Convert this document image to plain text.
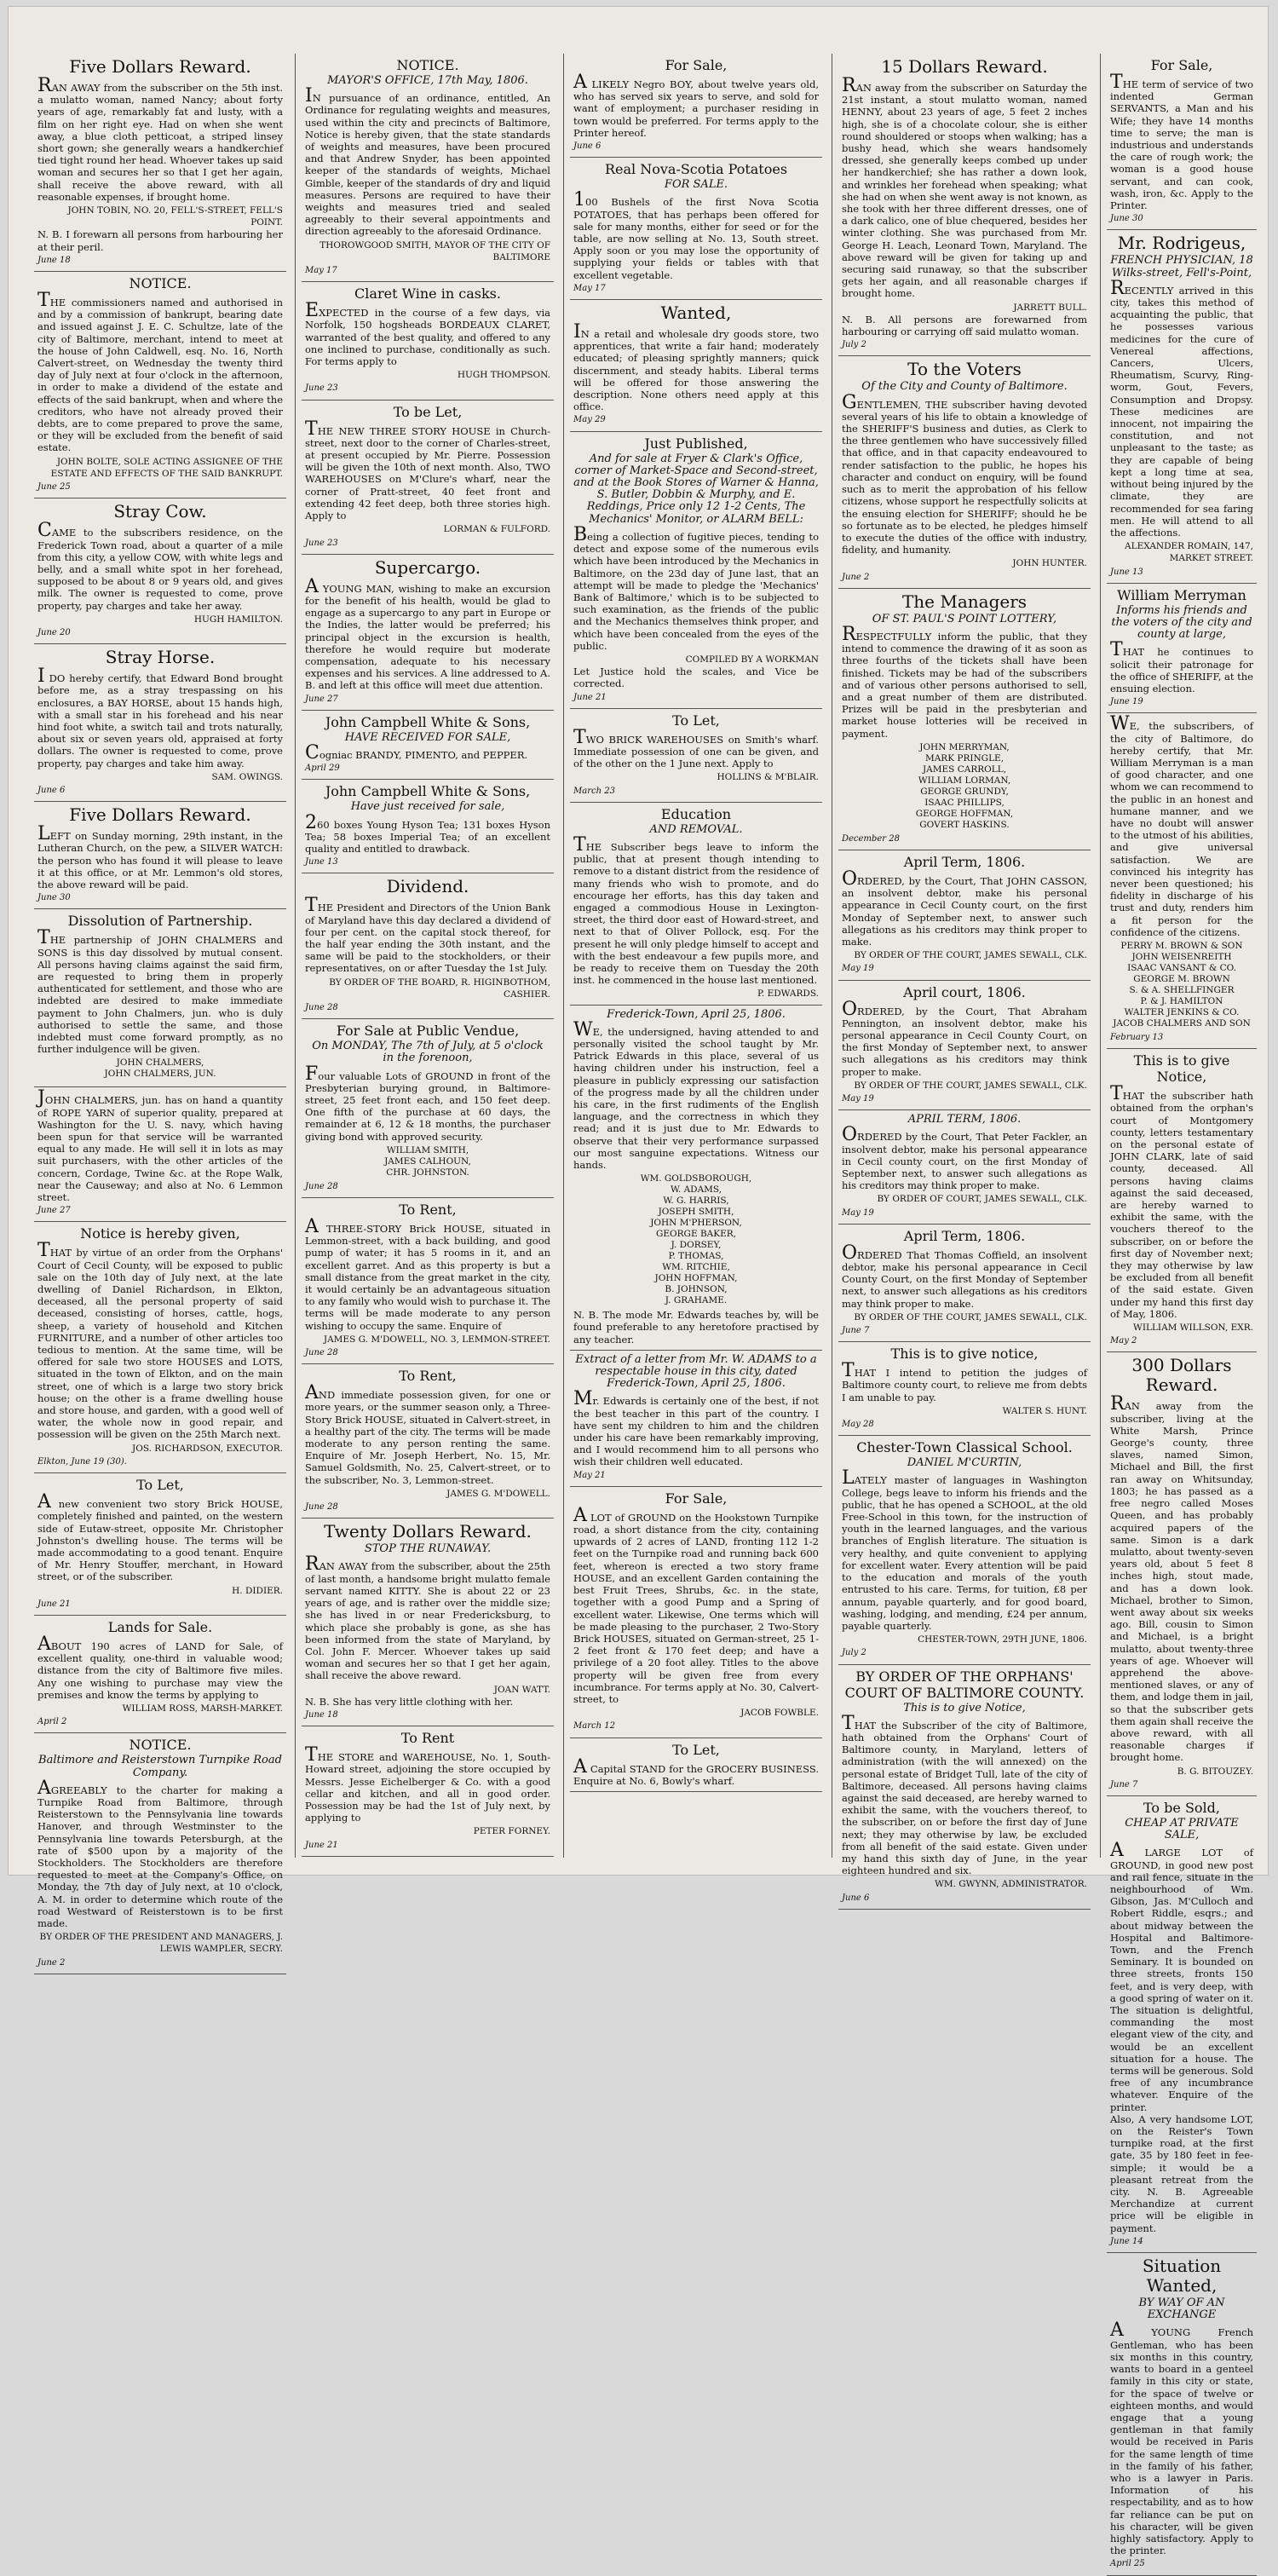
Five Dollars Reward.

RAN AWAY from the subscriber on the 5th inst. a mulatto woman, named Nancy; about forty years of age, remarkably fat and lusty, with a film on her right eye. Had on when she went away, a blue cloth petticoat, a striped linsey short gown; she generally wears a handkerchief tied tight round her head. Whoever takes up said woman and secures her so that I get her again, shall receive the above reward, with all reasonable expenses, if brought home.

JOHN TOBIN, NO. 20, FELL'S-STREET, FELL'S POINT.

N. B. I forewarn all persons from harbouring her at their peril.

June 18
NOTICE.

THE commissioners named and authorised in and by a commission of bankrupt, bearing date and issued against J. E. C. Schultze, late of the city of Baltimore, merchant, intend to meet at the house of John Caldwell, esq. No. 16, North Calvert-street, on Wednesday the twenty third day of July next at four o'clock in the afternoon, in order to make a dividend of the estate and effects of the said bankrupt, when and where the creditors, who have not already proved their debts, are to come prepared to prove the same, or they will be excluded from the benefit of said estate.

JOHN BOLTE, SOLE ACTING ASSIGNEE OF THE ESTATE AND EFFECTS OF THE SAID BANKRUPT.
June 25
Stray Cow.

CAME to the subscribers residence, on the Frederick Town road, about a quarter of a mile from this city, a yellow COW, with white legs and belly, and a small white spot in her forehead, supposed to be about 8 or 9 years old, and gives milk. The owner is requested to come, prove property, pay charges and take her away.

HUGH HAMILTON.
June 20
Stray Horse.

I DO hereby certify, that Edward Bond brought before me, as a stray trespassing on his enclosures, a BAY HORSE, about 15 hands high, with a small star in his forehead and his near hind foot white, a switch tail and trots naturally, about six or seven years old, appraised at forty dollars. The owner is requested to come, prove property, pay charges and take him away.

SAM. OWINGS.
June 6
Five Dollars Reward.

LEFT on Sunday morning, 29th instant, in the Lutheran Church, on the pew, a SILVER WATCH: the person who has found it will please to leave it at this office, or at Mr. Lemmon's old stores, the above reward will be paid.

June 30
Dissolution of Partnership.

THE partnership of JOHN CHALMERS and SONS is this day dissolved by mutual consent. All persons having claims against the said firm, are requested to bring them in properly authenticated for settlement, and those who are indebted are desired to make immediate payment to John Chalmers, jun. who is duly authorised to settle the same, and those indebted must come forward promptly, as no further indulgence will be given.

JOHN CHALMERS,
JOHN CHALMERS, JUN.

JOHN CHALMERS, jun. has on hand a quantity of ROPE YARN of superior quality, prepared at Washington for the U. S. navy, which having been spun for that service will be warranted equal to any made. He will sell it in lots as may suit purchasers, with the other articles of the concern, Cordage, Twine &c. at the Rope Walk, near the Causeway; and also at No. 6 Lemmon street.

June 27
Notice is hereby given,

THAT by virtue of an order from the Orphans' Court of Cecil County, will be exposed to public sale on the 10th day of July next, at the late dwelling of Daniel Richardson, in Elkton, deceased, all the personal property of said deceased, consisting of horses, cattle, hogs, sheep, a variety of household and Kitchen FURNITURE, and a number of other articles too tedious to mention. At the same time, will be offered for sale two store HOUSES and LOTS, situated in the town of Elkton, and on the main street, one of which is a large two story brick house; on the other is a frame dwelling house and store house, and garden, with a good well of water, the whole now in good repair, and possession will be given on the 25th March next.

JOS. RICHARDSON, EXECUTOR.
Elkton, June 19 (30).
To Let,

A new convenient two story Brick HOUSE, completely finished and painted, on the western side of Eutaw-street, opposite Mr. Christopher Johnston's dwelling house. The terms will be made accommodating to a good tenant. Enquire of Mr. Henry Stouffer, merchant, in Howard street, or of the subscriber.

H. DIDIER.
June 21
Lands for Sale.

ABOUT 190 acres of LAND for Sale, of excellent quality, one-third in valuable wood; distance from the city of Baltimore five miles. Any one wishing to purchase may view the premises and know the terms by applying to

WILLIAM ROSS, MARSH-MARKET.
April 2
NOTICE.
Baltimore and Reisterstown Turnpike Road Company.

AGREEABLY to the charter for making a Turnpike Road from Baltimore, through Reisterstown to the Pennsylvania line towards Hanover, and through Westminster to the Pennsylvania line towards Petersburgh, at the rate of $500 upon by a majority of the Stockholders. The Stockholders are therefore requested to meet at the Company's Office, on Monday, the 7th day of July next, at 10 o'clock, A. M. in order to determine which route of the road Westward of Reisterstown is to be first made.

BY ORDER OF THE PRESIDENT AND MANAGERS, J. LEWIS WAMPLER, SECRY.
June 2
NOTICE.
MAYOR'S OFFICE, 17th May, 1806.

IN pursuance of an ordinance, entitled, An Ordinance for regulating weights and measures, used within the city and precincts of Baltimore, Notice is hereby given, that the state standards of weights and measures, have been procured and that Andrew Snyder, has been appointed keeper of the standards of weights, Michael Gimble, keeper of the standards of dry and liquid measures. Persons are required to have their weights and measures tried and sealed agreeably to their several appointments and direction agreeably to the aforesaid Ordinance.

THOROWGOOD SMITH, MAYOR OF THE CITY OF BALTIMORE
May 17
Claret Wine in casks.

EXPECTED in the course of a few days, via Norfolk, 150 hogsheads BORDEAUX CLARET, warranted of the best quality, and offered to any one inclined to purchase, conditionally as such. For terms apply to

HUGH THOMPSON.
June 23
To be Let,

THE NEW THREE STORY HOUSE in Church-street, next door to the corner of Charles-street, at present occupied by Mr. Pierre. Possession will be given the 10th of next month. Also, TWO WAREHOUSES on M'Clure's wharf, near the corner of Pratt-street, 40 feet front and extending 42 feet deep, both three stories high. Apply to

LORMAN & FULFORD.
June 23
Supercargo.

A YOUNG MAN, wishing to make an excursion for the benefit of his health, would be glad to engage as a supercargo to any part in Europe or the Indies, the latter would be preferred; his principal object in the excursion is health, therefore he would require but moderate compensation, adequate to his necessary expenses and his services. A line addressed to A. B. and left at this office will meet due attention.

June 27
John Campbell White & Sons,
HAVE RECEIVED FOR SALE,

Cogniac BRANDY, PIMENTO, and PEPPER.

April 29
John Campbell White & Sons,
Have just received for sale,

260 boxes Young Hyson Tea; 131 boxes Hyson Tea; 58 boxes Imperial Tea; of an excellent quality and entitled to drawback.

June 13
Dividend.

THE President and Directors of the Union Bank of Maryland have this day declared a dividend of four per cent. on the capital stock thereof, for the half year ending the 30th instant, and the same will be paid to the stockholders, or their representatives, on or after Tuesday the 1st July.

BY ORDER OF THE BOARD, R. HIGINBOTHOM, CASHIER.
June 28
For Sale at Public Vendue,
On MONDAY, The 7th of July, at 5 o'clock in the forenoon,

Four valuable Lots of GROUND in front of the Presbyterian burying ground, in Baltimore-street, 25 feet front each, and 150 feet deep. One fifth of the purchase at 60 days, the remainder at 6, 12 & 18 months, the purchaser giving bond with approved security.

WILLIAM SMITH,
JAMES CALHOUN,
CHR. JOHNSTON.
June 28
To Rent,

A THREE-STORY Brick HOUSE, situated in Lemmon-street, with a back building, and good pump of water; it has 5 rooms in it, and an excellent garret. And as this property is but a small distance from the great market in the city, it would certainly be an advantageous situation to any family who would wish to purchase it. The terms will be made moderate to any person wishing to occupy the same. Enquire of

JAMES G. M'DOWELL, NO. 3, LEMMON-STREET.
June 28
To Rent,

AND immediate possession given, for one or more years, or the summer season only, a Three-Story Brick HOUSE, situated in Calvert-street, in a healthy part of the city. The terms will be made moderate to any person renting the same. Enquire of Mr. Joseph Herbert, No. 15, Mr. Samuel Goldsmith, No. 25, Calvert-street, or to the subscriber, No. 3, Lemmon-street.

JAMES G. M'DOWELL.
June 28
Twenty Dollars Reward.
STOP THE RUNAWAY.

RAN AWAY from the subscriber, about the 25th of last month, a handsome bright mulatto female servant named KITTY. She is about 22 or 23 years of age, and is rather over the middle size; she has lived in or near Fredericksburg, to which place she probably is gone, as she has been informed from the state of Maryland, by Col. John F. Mercer. Whoever takes up said woman and secures her so that I get her again, shall receive the above reward.

JOAN WATT.

N. B. She has very little clothing with her.

June 18
To Rent

THE STORE and WAREHOUSE, No. 1, South-Howard street, adjoining the store occupied by Messrs. Jesse Eichelberger & Co. with a good cellar and kitchen, and all in good order. Possession may be had the 1st of July next, by applying to

PETER FORNEY.
June 21
For Sale,

A LIKELY Negro BOY, about twelve years old, who has served six years to serve, and sold for want of employment; a purchaser residing in town would be preferred. For terms apply to the Printer hereof.

June 6
Real Nova-Scotia Potatoes
FOR SALE.

100 Bushels of the first Nova Scotia POTATOES, that has perhaps been offered for sale for many months, either for seed or for the table, are now selling at No. 13, South street. Apply soon or you may lose the opportunity of supplying your fields or tables with that excellent vegetable.

May 17
Wanted,

IN a retail and wholesale dry goods store, two apprentices, that write a fair hand; moderately educated; of pleasing sprightly manners; quick discernment, and steady habits. Liberal terms will be offered for those answering the description. None others need apply at this office.

May 29
Just Published,
And for sale at Fryer & Clark's Office, corner of Market-Space and Second-street, and at the Book Stores of Warner & Hanna, S. Butler, Dobbin & Murphy, and E. Reddings, Price only 12 1-2 Cents, The Mechanics' Monitor, or ALARM BELL:

Being a collection of fugitive pieces, tending to detect and expose some of the numerous evils which have been introduced by the Mechanics in Baltimore, on the 23d day of June last, that an attempt will be made to pledge the 'Mechanics' Bank of Baltimore,' which is to be subjected to such examination, as the friends of the public and the Mechanics themselves think proper, and which have been concealed from the eyes of the public.

COMPILED BY A WORKMAN

Let Justice hold the scales, and Vice be corrected.

June 21
To Let,

TWO BRICK WAREHOUSES on Smith's wharf. Immediate possession of one can be given, and of the other on the 1 June next. Apply to

HOLLINS & M'BLAIR.
March 23
Education
AND REMOVAL.

THE Subscriber begs leave to inform the public, that at present though intending to remove to a distant district from the residence of many friends who wish to promote, and do encourage her efforts, has this day taken and engaged a commodious House in Lexington-street, the third door east of Howard-street, and next to that of Oliver Pollock, esq. For the present he will only pledge himself to accept and with the best endeavour a few pupils more, and be ready to receive them on Tuesday the 20th inst. he commenced in the house last mentioned.

P. EDWARDS.
Frederick-Town, April 25, 1806.

WE, the undersigned, having attended to and personally visited the school taught by Mr. Patrick Edwards in this place, several of us having children under his instruction, feel a pleasure in publicly expressing our satisfaction of the progress made by all the children under his care, in the first rudiments of the English language, and the correctness in which they read; and it is just due to Mr. Edwards to observe that their very performance surpassed our most sanguine expectations. Witness our hands.

WM. GOLDSBOROUGH,
W. ADAMS,
W. G. HARRIS,
JOSEPH SMITH,
JOHN M'PHERSON,
GEORGE BAKER,
J. DORSEY,
P. THOMAS,
WM. RITCHIE,
JOHN HOFFMAN,
B. JOHNSON,
J. GRAHAME.

N. B. The mode Mr. Edwards teaches by, will be found preferable to any heretofore practised by any teacher.

Extract of a letter from Mr. W. ADAMS to a respectable house in this city, dated Frederick-Town, April 25, 1806.

Mr. Edwards is certainly one of the best, if not the best teacher in this part of the country. I have sent my children to him and the children under his care have been remarkably improving, and I would recommend him to all persons who wish their children well educated.

May 21
For Sale,

A LOT of GROUND on the Hookstown Turnpike road, a short distance from the city, containing upwards of 2 acres of LAND, fronting 112 1-2 feet on the Turnpike road and running back 600 feet, whereon is erected a two story frame HOUSE, and an excellent Garden containing the best Fruit Trees, Shrubs, &c. in the state, together with a good Pump and a Spring of excellent water. Likewise, One terms which will be made pleasing to the purchaser, 2 Two-Story Brick HOUSES, situated on German-street, 25 1-2 feet front & 170 feet deep; and have a privilege of a 20 foot alley. Titles to the above property will be given free from every incumbrance. For terms apply at No. 30, Calvert-street, to

JACOB FOWBLE.
March 12
To Let,

A Capital STAND for the GROCERY BUSINESS. Enquire at No. 6, Bowly's wharf.

15 Dollars Reward.

RAN away from the subscriber on Saturday the 21st instant, a stout mulatto woman, named HENNY, about 23 years of age, 5 feet 2 inches high, she is of a chocolate colour, she is either round shouldered or stoops when walking; has a bushy head, which she wears handsomely dressed, she generally keeps combed up under her handkerchief; she has rather a down look, and wrinkles her forehead when speaking; what she had on when she went away is not known, as she took with her three different dresses, one of a dark calico, one of blue chequered, besides her winter clothing. She was purchased from Mr. George H. Leach, Leonard Town, Maryland. The above reward will be given for taking up and securing said runaway, so that the subscriber gets her again, and all reasonable charges if brought home.

JARRETT BULL.

N. B. All persons are forewarned from harbouring or carrying off said mulatto woman.

July 2
To the Voters
Of the City and County of Baltimore.

GENTLEMEN, THE subscriber having devoted several years of his life to obtain a knowledge of the SHERIFF'S business and duties, as Clerk to the three gentlemen who have successively filled that office, and in that capacity endeavoured to render satisfaction to the public, he hopes his character and conduct on enquiry, will be found such as to merit the approbation of his fellow citizens, whose support he respectfully solicits at the ensuing election for SHERIFF; should he be so fortunate as to be elected, he pledges himself to execute the duties of the office with industry, fidelity, and humanity.

JOHN HUNTER.
June 2
The Managers
OF ST. PAUL'S POINT LOTTERY,

RESPECTFULLY inform the public, that they intend to commence the drawing of it as soon as three fourths of the tickets shall have been finished. Tickets may be had of the subscribers and of various other persons authorised to sell, and a great number of them are distributed. Prizes will be paid in the presbyterian and market house lotteries will be received in payment.

JOHN MERRYMAN,
MARK PRINGLE,
JAMES CARROLL,
WILLIAM LORMAN,
GEORGE GRUNDY,
ISAAC PHILLIPS,
GEORGE HOFFMAN,
GOVERT HASKINS.
December 28
April Term, 1806.

ORDERED, by the Court, That JOHN CASSON, an insolvent debtor, make his personal appearance in Cecil County court, on the first Monday of September next, to answer such allegations as his creditors may think proper to make.

BY ORDER OF THE COURT, JAMES SEWALL, CLK.
May 19
April court, 1806.

ORDERED, by the Court, That Abraham Pennington, an insolvent debtor, make his personal appearance in Cecil County Court, on the first Monday of September next, to answer such allegations as his creditors may think proper to make.

BY ORDER OF THE COURT, JAMES SEWALL, CLK.
May 19
APRIL TERM, 1806.

ORDERED by the Court, That Peter Fackler, an insolvent debtor, make his personal appearance in Cecil county court, on the first Monday of September next, to answer such allegations as his creditors may think proper to make.

BY ORDER OF COURT, JAMES SEWALL, CLK.
May 19
April Term, 1806.

ORDERED That Thomas Coffield, an insolvent debtor, make his personal appearance in Cecil County Court, on the first Monday of September next, to answer such allegations as his creditors may think proper to make.

BY ORDER OF THE COURT, JAMES SEWALL, CLK.
June 7
This is to give notice,

THAT I intend to petition the judges of Baltimore county court, to relieve me from debts I am unable to pay.

WALTER S. HUNT.
May 28
Chester-Town Classical School.
DANIEL M'CURTIN,

LATELY master of languages in Washington College, begs leave to inform his friends and the public, that he has opened a SCHOOL, at the old Free-School in this town, for the instruction of youth in the learned languages, and the various branches of English literature. The situation is very healthy, and quite convenient to applying for excellent water. Every attention will be paid to the education and morals of the youth entrusted to his care. Terms, for tuition, £8 per annum, payable quarterly, and for good board, washing, lodging, and mending, £24 per annum, payable quarterly.

CHESTER-TOWN, 29TH JUNE, 1806.
July 2
BY ORDER OF THE ORPHANS' COURT OF BALTIMORE COUNTY.
This is to give Notice,

THAT the Subscriber of the city of Baltimore, hath obtained from the Orphans' Court of Baltimore county, in Maryland, letters of administration (with the will annexed) on the personal estate of Bridget Tull, late of the city of Baltimore, deceased. All persons having claims against the said deceased, are hereby warned to exhibit the same, with the vouchers thereof, to the subscriber, on or before the first day of June next; they may otherwise by law, be excluded from all benefit of the said estate. Given under my hand this sixth day of June, in the year eighteen hundred and six.

WM. GWYNN, ADMINISTRATOR.
June 6
For Sale,

THE term of service of two indented German SERVANTS, a Man and his Wife; they have 14 months time to serve; the man is industrious and understands the care of rough work; the woman is a good house servant, and can cook, wash, iron, &c. Apply to the Printer.

June 30
Mr. Rodrigeus,
FRENCH PHYSICIAN, 18 Wilks-street, Fell's-Point,

RECENTLY arrived in this city, takes this method of acquainting the public, that he possesses various medicines for the cure of Venereal affections, Cancers, Ulcers, Rheumatism, Scurvy, Ring-worm, Gout, Fevers, Consumption and Dropsy. These medicines are innocent, not impairing the constitution, and not unpleasant to the taste; as they are capable of being kept a long time at sea, without being injured by the climate, they are recommended for sea faring men. He will attend to all the affections.

ALEXANDER ROMAIN, 147, MARKET STREET.
June 13
William Merryman
Informs his friends and the voters of the city and county at large,

THAT he continues to solicit their patronage for the office of SHERIFF, at the ensuing election.

June 19

WE, the subscribers, of the city of Baltimore, do hereby certify, that Mr. William Merryman is a man of good character, and one whom we can recommend to the public in an honest and humane manner, and we have no doubt will answer to the utmost of his abilities, and give universal satisfaction. We are convinced his integrity has never been questioned; his fidelity in discharge of his trust and duty, renders him a fit person for the confidence of the citizens.

PERRY M. BROWN & SON
JOHN WEISENREITH
ISAAC VANSANT & CO.
GEORGE M. BROWN
S. & A. SHELLFINGER
P. & J. HAMILTON
WALTER JENKINS & CO.
JACOB CHALMERS AND SON
February 13
This is to give Notice,

THAT the subscriber hath obtained from the orphan's court of Montgomery county, letters testamentary on the personal estate of JOHN CLARK, late of said county, deceased. All persons having claims against the said deceased, are hereby warned to exhibit the same, with the vouchers thereof to the subscriber, on or before the first day of November next; they may otherwise by law be excluded from all benefit of the said estate. Given under my hand this first day of May, 1806.

WILLIAM WILLSON, EXR.
May 2
300 Dollars Reward.

RAN away from the subscriber, living at the White Marsh, Prince George's county, three slaves, named Simon, Michael and Bill, the first ran away on Whitsunday, 1803; he has passed as a free negro called Moses Queen, and has probably acquired papers of the same. Simon is a dark mulatto, about twenty-seven years old, about 5 feet 8 inches high, stout made, and has a down look. Michael, brother to Simon, went away about six weeks ago. Bill, cousin to Simon and Michael, is a bright mulatto, about twenty-three years of age. Whoever will apprehend the above-mentioned slaves, or any of them, and lodge them in jail, so that the subscriber gets them again shall receive the above reward, with all reasonable charges if brought home.

B. G. BITOUZEY.
June 7
To be Sold,
CHEAP AT PRIVATE SALE,

A LARGE LOT of GROUND, in good new post and rail fence, situate in the neighbourhood of Wm. Gibson, Jas. M'Culloch and Robert Riddle, esqrs.; and about midway between the Hospital and Baltimore-Town, and the French Seminary. It is bounded on three streets, fronts 150 feet, and is very deep, with a good spring of water on it. The situation is delightful, commanding the most elegant view of the city, and would be an excellent situation for a house. The terms will be generous. Sold free of any incumbrance whatever. Enquire of the printer.

Also, A very handsome LOT, on the Reister's Town turnpike road, at the first gate, 35 by 180 feet in fee-simple; it would be a pleasant retreat from the city. N. B. Agreeable Merchandize at current price will be eligible in payment.

June 14
Situation Wanted,
BY WAY OF AN EXCHANGE

A YOUNG French Gentleman, who has been six months in this country, wants to board in a genteel family in this city or state, for the space of twelve or eighteen months, and would engage that a young gentleman in that family would be received in Paris for the same length of time in the family of his father, who is a lawyer in Paris. Information of his respectability, and as to how far reliance can be put on his character, will be given highly satisfactory. Apply to the printer.

April 25
